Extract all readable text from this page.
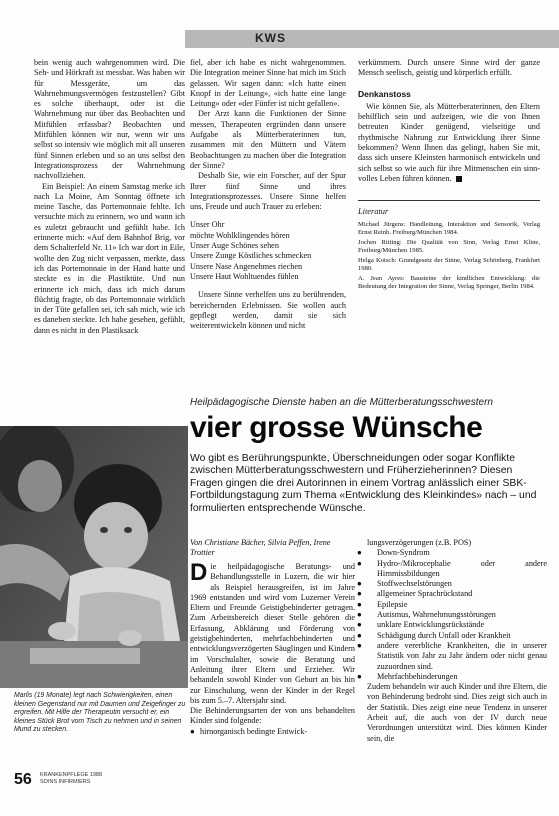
KWS

bein wenig auch wahrgenommen wird. Die Seh- und Hörkraft ist messbar. Was haben wir für Messgeräte, um das Wahrnehmungsvermögen festzustellen? Gibt es solche überhaupt, oder ist die Wahrnehmung nur über das Beobachten und Mitfühlen erfassbar? Beobachten und Mitfühlen können wir nur, wenn wir uns selbst so intensiv wie möglich mit all unseren fünf Sinnen erleben und so an uns selbst den Integrationsprozess der Wahrnehmung nachvollziehen.

Ein Beispiel: An einem Samstag merke ich nach La Moine, Am Sonntag öffnete ich meine Tasche, das Portemonnaie fehlte. Ich versuchte mich zu erinnern, wo und wann ich es zuletzt gebraucht und gefühlt habe. Ich erinnerte mich: «Auf dem Bahnhof Brig, vor dem Schalterfeld Nr. 11» Ich war dort in Eile, wollte den Zug nicht verpassen, merkte, dass ich das Portemonnaie in der Hand hatte und steckte es in die Plastiktüte. Und nun erinnerte ich mich, dass ich mich darum flüchtig fragte, ob das Portemonnaie wirklich in der Tüte gefallen sei, ich sah mich, wie ich es daneben steckte. Ich habe gesehen, gefühlt, dann es nicht in den Plastiksack

fiel, aber ich habe es nicht wahrgenommen. Die Integration meiner Sinne hat mich im Stich gelassen. Wir sagen dann: «Ich hatte einen Knopf in der Leitung», «ich hatte eine lange Leitung» oder «der Fünfer ist nicht gefallen».

Der Arzt kann die Funktionen der Sinne messen, Therapeuten ergründen dann unsere Aufgabe als Mütterberaterinnen tun, zusammen mit den Müttern und Vätern Beobachtungen zu machen über die Integration der Sinne?

Deshalb Sie, wie ein Forscher, auf der Spur Ihrer fünf Sinne und ihres Integrationsprozesses. Unsere Sinne helfen uns, Freude und auch Trauer zu erleben:

Unser Ohr
möchte Wohlklingendes hören
Unser Auge Schönes sehen
Unsere Zunge Köstliches schmecken
Unsere Nase Angenehmes riechen
Unsere Haut Wohltuendes fühlen

Unsere Sinne verhelfen uns zu berührenden, bereichernden Erlebnissen. Sie wollen auch gepflegt werden, damit sie sich weiterentwickeln können und nicht

verkümmern. Durch unsere Sinne wird der ganze Mensch seelisch, geistig und körperlich erfüllt.

Denkanstoss

Wie können Sie, als Mütterberaterinnen, den Eltern behilflich sein und aufzeigen, wie die von Ihnen betreuten Kinder genügend, vielseitige und rhythmische Nahrung zur Entwicklung ihrer Sinne bekommen? Wenn Ihnen das gelingt, haben Sie mit, dass sich unsere Kleinsten harmonisch entwickeln und sich selbst so wie auch für ihre Mitmenschen ein sinn-volles Leben führen können.

Literatur
Michael Jürgens: Handleitung, Interaktion und Sensorik, Verlag Ernst Reinh. Freiburg/München 1984.
Jochen Ritting: Die Qualität von Sinn, Verlag Ernst Kline, Freiburg/München 1985.
Helga Kotsch: Grundgesetz der Sinne, Verlag Schönberg, Frankfurt 1980.
A. Jean Ayres: Bausteine der kindlichen Entwicklung: die Bedeutung der Integration der Sinne, Verlag Springer, Berlin 1984.
Marlis (19 Monate) legt nach Schwierigkeiten, einen kleinen Gegenstand nur mit Daumen und Zeigefinger zu ergreifen. Mit Hilfe der Therapeutin versucht er, ein kleines Stück Brot vom Tisch zu nehmen und in seinen Mund zu stecken.
Heilpädagogische Dienste haben an die Mütterberatungsschwestern
vier grosse Wünsche
Wo gibt es Berührungspunkte, Überschneidungen oder sogar Konflikte zwischen Mütterberatungsschwestern und Früherzieherinnen? Diesen Fragen gingen die drei Autorinnen in einem Vortrag anlässlich einer SBK-Fortbildungstagung zum Thema «Entwicklung des Kleinkindes» nach – und formulierten entsprechende Wünsche.
Von Christiane Bächer, Silvia Peffen, Irene Trottier
D ie heilpädagogische Beratungs- und Behandlungsstelle in Luzern, die wir hier als Beispiel herausgreifen, ist im Jahre 1969 entstanden und wird vom Luzerner Verein Eltern und Freunde Geistigbehinderter getragen. Zum Arbeitsbereich dieser Stelle gehören die Erfassung, Abklärung und Förderung von geistigbehinderten, mehrfachbehinderten und entwicklungsverzögerten Säuglingen und Kindern im Vorschulalter, sowie die Beratung und Anleitung ihrer Eltern und Erzieher. Wir behandeln sowohl Kinder von Geburt an bis hin zur Einschulung, wenn der Kinder in der Regel bis zum 5.–7. Altersjahr sind.

Die Behinderungsarten der von uns behandelten Kinder sind folgende:

● hirnorganisch bedingte Entwick-

lungsverzögerungen (z.B. POS)
● Down-Syndrom
● Hydro-/Mikrocephalie oder andere Hirnmissbildungen
● Stoffwechselstörungen
● allgemeiner Sprachrückstand
● Epilepsie
● Autismus, Wahrnehmungsstörungen
● unklare Entwicklungsrückstände
● Schädigung durch Unfall oder Krankheit
● andere vererbliche Krankheiten, die in unserer Statistik von Jahr zu Jahr ändern oder nicht genau zuzuordnen sind.
● Mehrfachbehinderungen

Zudem behandeln wir auch Kinder und ihre Eltern, die von Behinderung bedroht sind. Dies zeigt sich auch in der Statistik. Dies zeigt eine neue Tendenz in unserer Arbeit auf, die auch von der IV durch neue Verordnungen unterstützt wird. Dies können Kinder sein, die

56 KRANKENPFLEGE 1988
SOINS INFIRMIERS
